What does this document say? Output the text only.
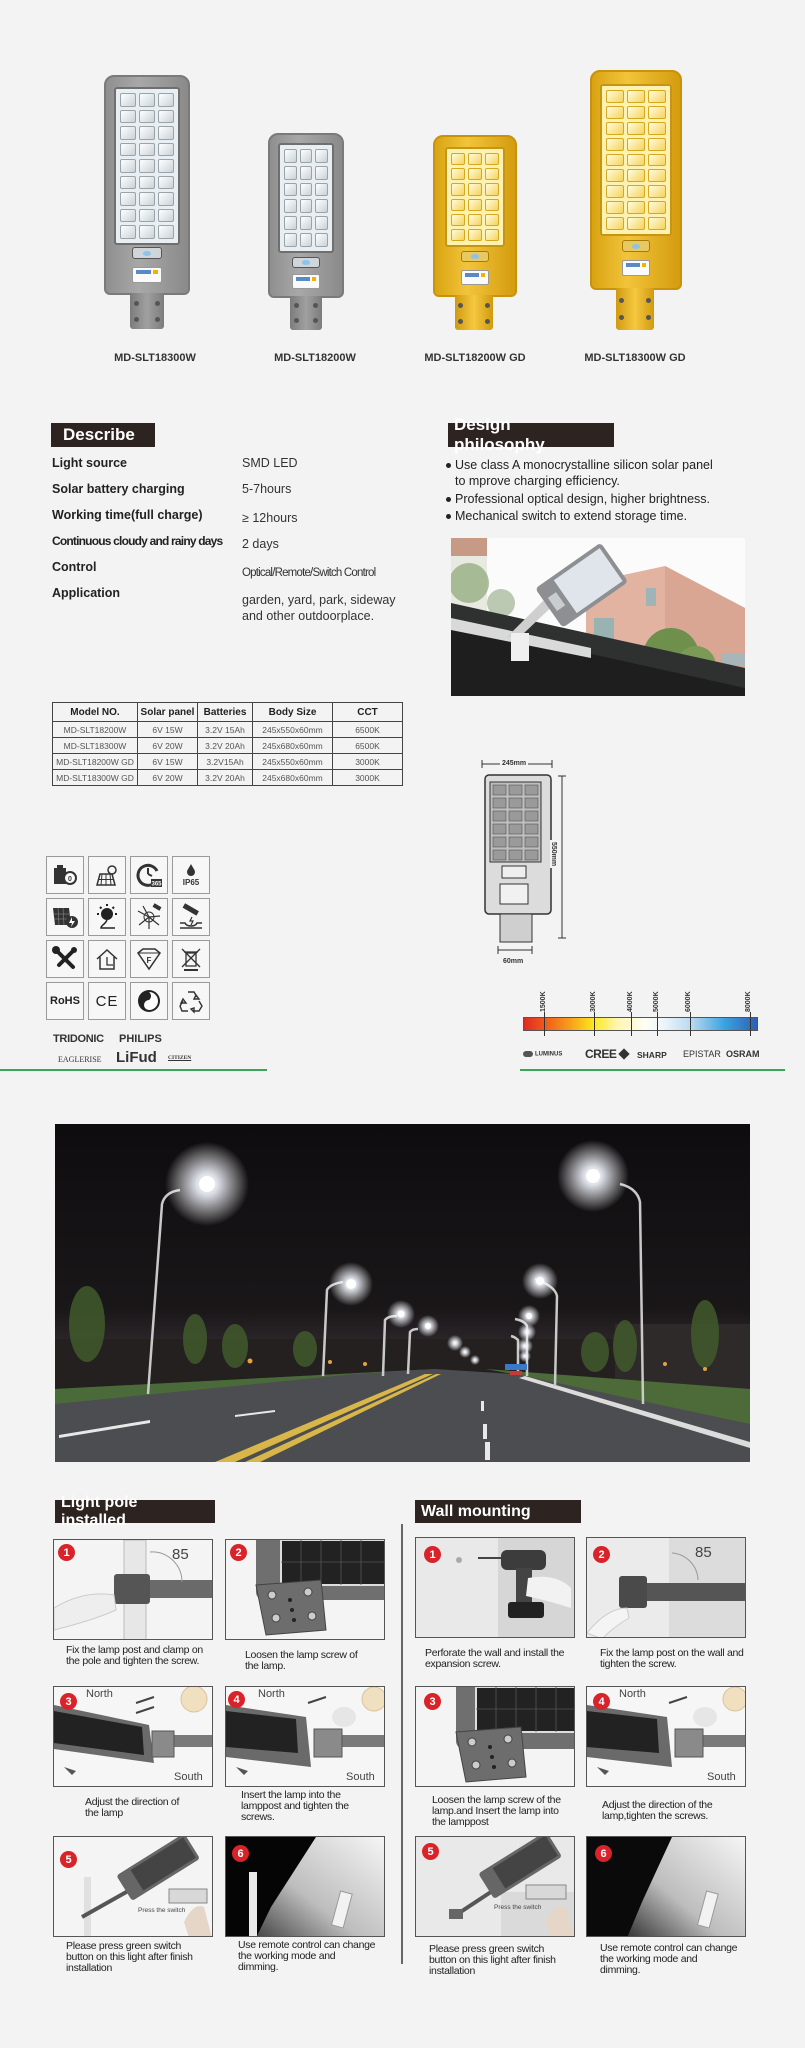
MD-SLT18300W	MD-SLT18200W	MD-SLT18200W GD	MD-SLT18300W GD
Describe
Light source	SMD LED
Solar battery charging	5-7hours
Working time(full charge)	≥ 12hours
Continuous cloudy and rainy days 2 days
Control	Optical/Remote/Switch Control
Application	garden, yard, park, sideway
and other outdoorplace.
Design philosophy
Use class A monocrystalline silicon solar panel
to mprove charging efficiency.
Professional optical design, higher brightness.
Mechanical switch to extend storage time.
Model NO.	Solar panel	Batteries	Body Size	CCT
MD-SLT18200W	6V 15W	3.2V 15Ah	245x550x60mm	6500K
MD-SLT18300W	6V 20W	3.2V 20Ah	245x680x60mm	6500K
MD-SLT18200W GD	6V 15W	3.2V15Ah	245x550x60mm	3000K
MD-SLT18300W GD	6V 20W	3.2V 20Ah	245x680x60mm	3000K
245mm
550mm
60mm
0
365	IP65
F
RoHS CE
TRIDONIC PHILIPS
EAGLERISE LiFud CITIZEN
1500K	3000K	4000K	5000K	6000K	8000K
LUMINUS CREE SHARP EPISTAR OSRAM
Light pole installed
1	85
Fix the lamp post and clamp on the pole and tighten the screw.
2
Loosen the lamp screw of the lamp.
3
North
South
Adjust the direction of the lamp
4	North
South
Insert the lamp into the lamppost and tighten the screws.
5
Press the switch
Please press green switch button on this light after finish installation
6
Use remote control can change the working mode and dimming.
Wall mounting
1
Perforate the wall and install the expansion screw.
2	85
Fix the lamp post on the wall and tighten the screw.
3
Loosen the lamp screw of the lamp.and Insert the lamp into the lamppost
4
North
South
Adjust the direction of the lamp,tighten the screws.
5
Press the switch
Please press green switch button on this light after finish installation
6
Use remote control can change the working mode and dimming.
